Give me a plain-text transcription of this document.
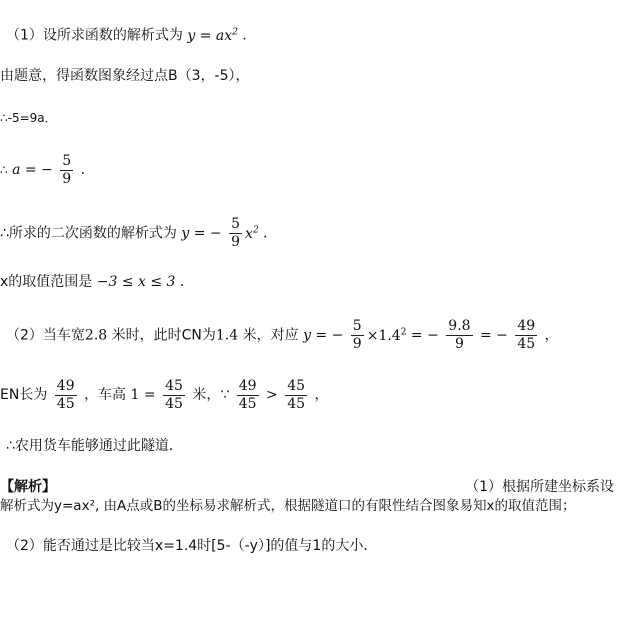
（1）设所求函数的解析式为 $y = ax^2$ ．
由题意，得函数图象经过点B（3，-5），
∴-5=9a．
∴ a = − $\frac{5}{9}$ ．
∴所求的二次函数的解析式为 y = − $\frac{5}{9} x^2$ ．
x的取值范围是 −3 ≤ x ≤ 3 ．
（2）当车宽2.8 米时，此时CN为1.4 米，对应 y = − $\frac{5}{9} \times 1.4^2$ = − $\frac{9.8}{9}$ = − $\frac{49}{45}$ ，
EN长为 $\frac{49}{45}$ ，车高 $1 = \frac{45}{45}$ 米，∵ $\frac{49}{45} > \frac{45}{45}$ ，
∴农用货车能够通过此隧道．
【解析】	（1）根据所建坐标系设
解析式为y=ax², 由A点或B的坐标易求解析式，根据隧道口的有限性结合图象易知x的取值范围；
（2）能否通过是比较当x=1.4时[5-（-y）]的值与1的大小．
